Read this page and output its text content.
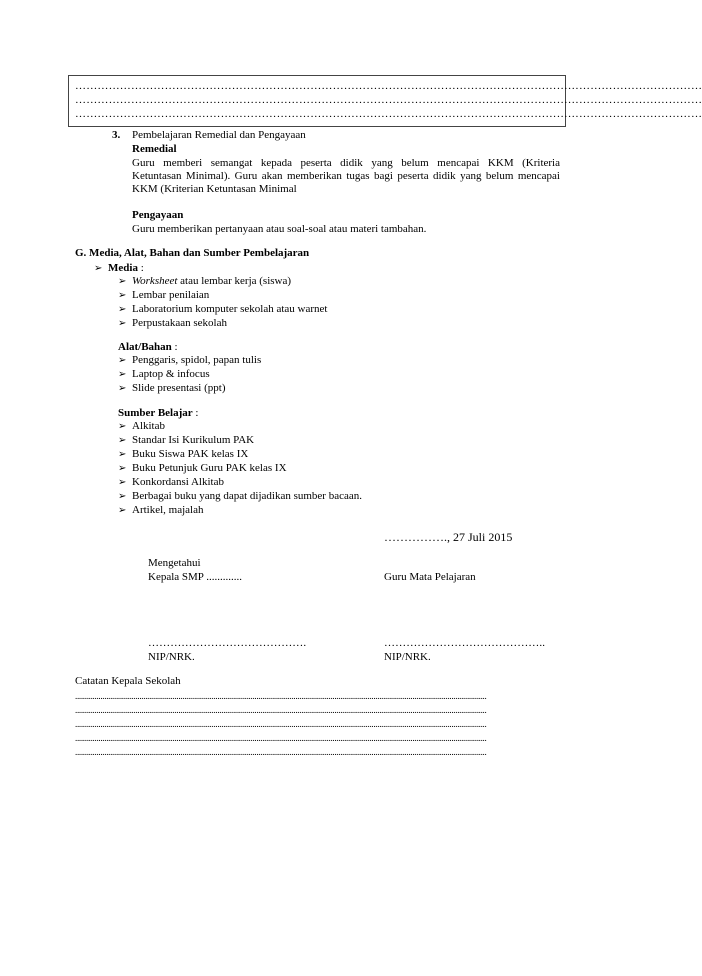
……………………………………………………………………………………………………………………………………………………
……………………………………………………………………………………………………………………………………………………
……………………………………………………………………………………………………………………………………………………
3. Pembelajaran Remedial dan Pengayaan
Remedial
Guru memberi semangat kepada peserta didik yang belum mencapai KKM (Kriteria
Ketuntasan Minimal). Guru akan memberikan tugas bagi peserta didik yang belum mencapai
KKM (Kriterian Ketuntasan Minimal
Pengayaan
Guru memberikan pertanyaan atau soal-soal atau materi tambahan.
G. Media, Alat, Bahan dan Sumber Pembelajaran
➢ Media :
➢ Worksheet atau lembar kerja (siswa)
➢ Lembar penilaian
➢ Laboratorium komputer sekolah atau warnet
➢ Perpustakaan sekolah
Alat/Bahan :
➢ Penggaris, spidol, papan tulis
➢ Laptop & infocus
➢ Slide presentasi (ppt)
Sumber Belajar :
➢ Alkitab
➢ Standar Isi Kurikulum PAK
➢ Buku Siswa PAK kelas IX
➢ Buku Petunjuk Guru PAK kelas IX
➢ Konkordansi Alkitab
➢ Berbagai buku yang dapat dijadikan sumber bacaan.
➢ Artikel, majalah
……………., 27 Juli 2015
Mengetahui
Kepala SMP .............	Guru Mata Pelajaran
…………………………………….	……………………………………..
NIP/NRK.	NIP/NRK.
Catatan Kepala Sekolah
...................................................................................................................................................................................................................
...................................................................................................................................................................................................................
...................................................................................................................................................................................................................
...................................................................................................................................................................................................................
...................................................................................................................................................................................................................
